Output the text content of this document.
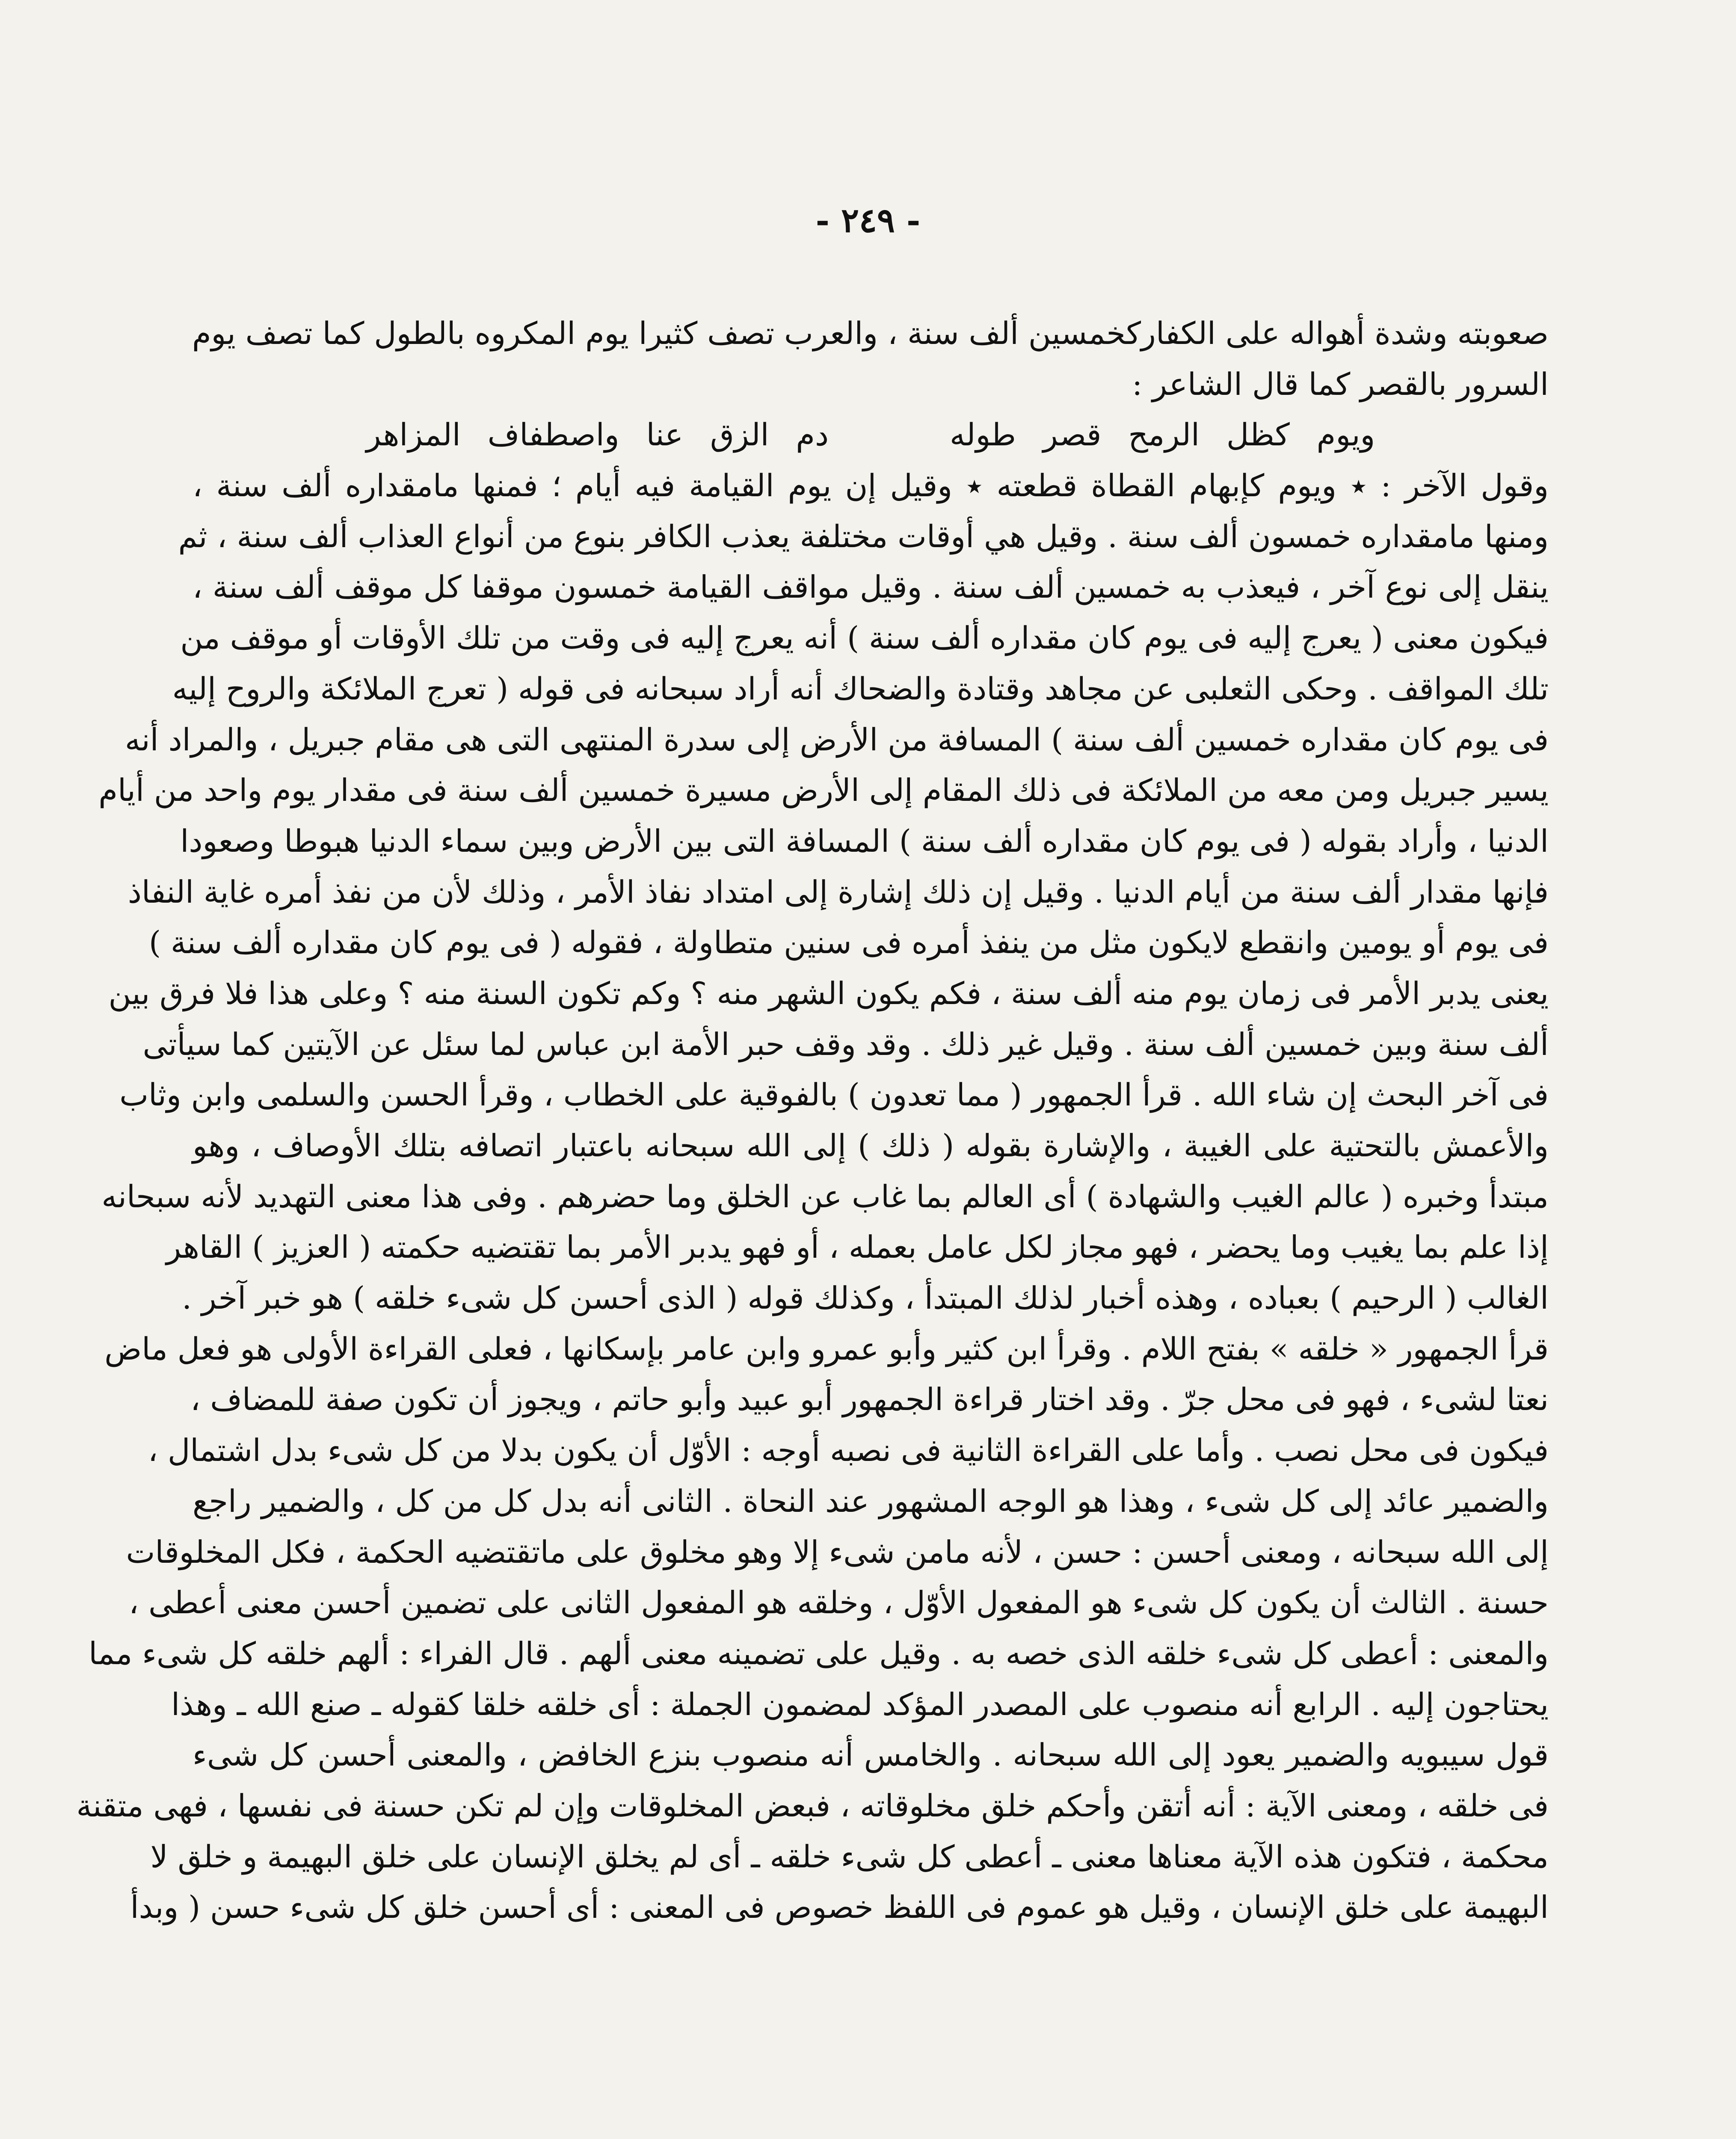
- ٢٤٩ -
صعوبته وشدة أهواله على الكفاركخمسين ألف سنة ، والعرب تصف كثيرا يوم المكروه بالطول كما تصف يوم
السرور بالقصر كما قال الشاعر :
ويوم كظل الرمح قصر طوله دم الزق عنا واصطفاف المزاهر
وقول الآخر : ٭ ويوم كإبهام القطاة قطعته ٭ وقيل إن يوم القيامة فيه أيام ؛ فمنها مامقداره ألف سنة ،
ومنها مامقداره خمسون ألف سنة . وقيل هي أوقات مختلفة يعذب الكافر بنوع من أنواع العذاب ألف سنة ، ثم
ينقل إلى نوع آخر ، فيعذب به خمسين ألف سنة . وقيل مواقف القيامة خمسون موقفا كل موقف ألف سنة ،
فيكون معنى ( يعرج إليه فى يوم كان مقداره ألف سنة ) أنه يعرج إليه فى وقت من تلك الأوقات أو موقف من
تلك المواقف . وحكى الثعلبى عن مجاهد وقتادة والضحاك أنه أراد سبحانه فى قوله ( تعرج الملائكة والروح إليه
فى يوم كان مقداره خمسين ألف سنة ) المسافة من الأرض إلى سدرة المنتهى التى هى مقام جبريل ، والمراد أنه
يسير جبريل ومن معه من الملائكة فى ذلك المقام إلى الأرض مسيرة خمسين ألف سنة فى مقدار يوم واحد من أيام
الدنيا ، وأراد بقوله ( فى يوم كان مقداره ألف سنة ) المسافة التى بين الأرض وبين سماء الدنيا هبوطا وصعودا
فإنها مقدار ألف سنة من أيام الدنيا . وقيل إن ذلك إشارة إلى امتداد نفاذ الأمر ، وذلك لأن من نفذ أمره غاية النفاذ
فى يوم أو يومين وانقطع لايكون مثل من ينفذ أمره فى سنين متطاولة ، فقوله ( فى يوم كان مقداره ألف سنة )
يعنى يدبر الأمر فى زمان يوم منه ألف سنة ، فكم يكون الشهر منه ؟ وكم تكون السنة منه ؟ وعلى هذا فلا فرق بين
ألف سنة وبين خمسين ألف سنة . وقيل غير ذلك . وقد وقف حبر الأمة ابن عباس لما سئل عن الآيتين كما سيأتى
فى آخر البحث إن شاء الله . قرأ الجمهور ( مما تعدون ) بالفوقية على الخطاب ، وقرأ الحسن والسلمى وابن وثاب
والأعمش بالتحتية على الغيبة ، والإشارة بقوله ( ذلك ) إلى الله سبحانه باعتبار اتصافه بتلك الأوصاف ، وهو
مبتدأ وخبره ( عالم الغيب والشهادة ) أى العالم بما غاب عن الخلق وما حضرهم . وفى هذا معنى التهديد لأنه سبحانه
إذا علم بما يغيب وما يحضر ، فهو مجاز لكل عامل بعمله ، أو فهو يدبر الأمر بما تقتضيه حكمته ( العزيز ) القاهر
الغالب ( الرحيم ) بعباده ، وهذه أخبار لذلك المبتدأ ، وكذلك قوله ( الذى أحسن كل شىء خلقه ) هو خبر آخر .
قرأ الجمهور « خلقه » بفتح اللام . وقرأ ابن كثير وأبو عمرو وابن عامر بإسكانها ، فعلى القراءة الأولى هو فعل ماض
نعتا لشىء ، فهو فى محل جرّ . وقد اختار قراءة الجمهور أبو عبيد وأبو حاتم ، ويجوز أن تكون صفة للمضاف ،
فيكون فى محل نصب . وأما على القراءة الثانية فى نصبه أوجه : الأوّل أن يكون بدلا من كل شىء بدل اشتمال ،
والضمير عائد إلى كل شىء ، وهذا هو الوجه المشهور عند النحاة . الثانى أنه بدل كل من كل ، والضمير راجع
إلى الله سبحانه ، ومعنى أحسن : حسن ، لأنه مامن شىء إلا وهو مخلوق على ماتقتضيه الحكمة ، فكل المخلوقات
حسنة . الثالث أن يكون كل شىء هو المفعول الأوّل ، وخلقه هو المفعول الثانى على تضمين أحسن معنى أعطى ،
والمعنى : أعطى كل شىء خلقه الذى خصه به . وقيل على تضمينه معنى ألهم . قال الفراء : ألهم خلقه كل شىء مما
يحتاجون إليه . الرابع أنه منصوب على المصدر المؤكد لمضمون الجملة : أى خلقه خلقا كقوله ـ صنع الله ـ وهذا
قول سيبويه والضمير يعود إلى الله سبحانه . والخامس أنه منصوب بنزع الخافض ، والمعنى أحسن كل شىء
فى خلقه ، ومعنى الآية : أنه أتقن وأحكم خلق مخلوقاته ، فبعض المخلوقات وإن لم تكن حسنة فى نفسها ، فهى متقنة
محكمة ، فتكون هذه الآية معناها معنى ـ أعطى كل شىء خلقه ـ أى لم يخلق الإنسان على خلق البهيمة و خلق لا
البهيمة على خلق الإنسان ، وقيل هو عموم فى اللفظ خصوص فى المعنى : أى أحسن خلق كل شىء حسن ( وبدأ
